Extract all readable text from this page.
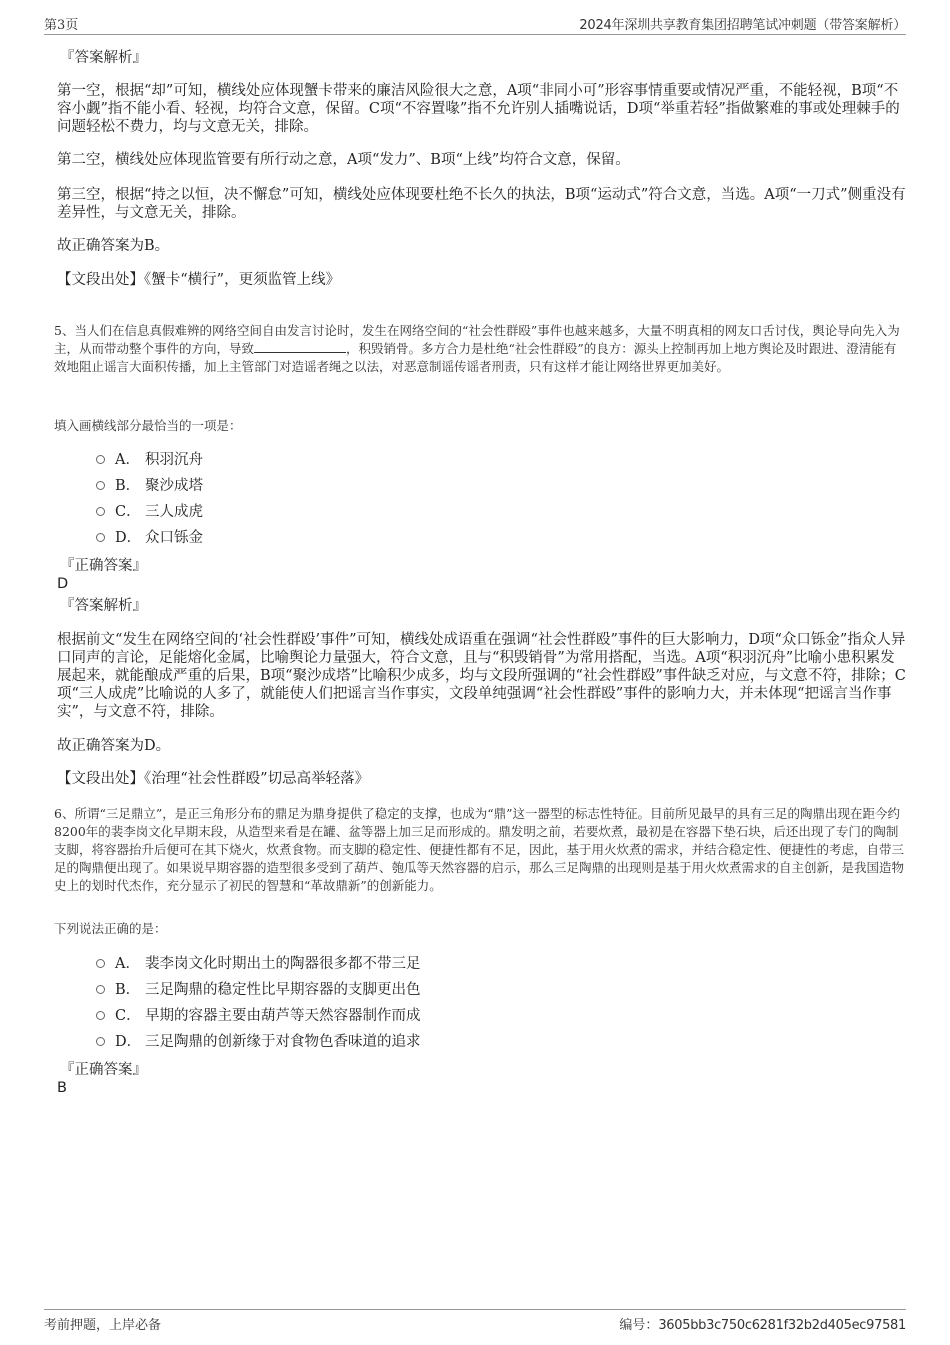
第3页	2024年深圳共享教育集团招聘笔试冲刺题（带答案解析）
『答案解析』

第一空，根据“却”可知，横线处应体现蟹卡带来的廉洁风险很大之意，A项“非同小可”形容事情重要或情况严重，不能轻视，B项“不容小觑”指不能小看、轻视，均符合文意，保留。C项“不容置喙”指不允许别人插嘴说话，D项“举重若轻”指做繁难的事或处理棘手的问题轻松不费力，均与文意无关，排除。

第二空，横线处应体现监管要有所行动之意，A项“发力”、B项“上线”均符合文意，保留。

第三空，根据“持之以恒，决不懈怠”可知，横线处应体现要杜绝不长久的执法，B项“运动式”符合文意，当选。A项“一刀式”侧重没有差异性，与文意无关，排除。

故正确答案为B。

【文段出处】《蟹卡“横行”，更须监管上线》

5、当人们在信息真假难辨的网络空间自由发言讨论时，发生在网络空间的“社会性群殴”事件也越来越多，大量不明真相的网友口舌讨伐，舆论导向先入为主，从而带动整个事件的方向，导致	，积毁销骨。多方合力是杜绝“社会性群殴”的良方：源头上控制再加上地方舆论及时跟进、澄清能有效地阻止谣言大面积传播，加上主管部门对造谣者绳之以法，对恶意制谣传谣者刑责，只有这样才能让网络世界更加美好。

填入画横线部分最恰当的一项是：
A． 积羽沉舟
B． 聚沙成塔
C． 三人成虎
D． 众口铄金
『正确答案』
D
『答案解析』

根据前文“发生在网络空间的‘社会性群殴’事件”可知，横线处成语重在强调“社会性群殴”事件的巨大影响力，D项“众口铄金”指众人异口同声的言论，足能熔化金属，比喻舆论力量强大，符合文意，且与“积毁销骨”为常用搭配，当选。A项“积羽沉舟”比喻小患积累发展起来，就能酿成严重的后果，B项“聚沙成塔”比喻积少成多，均与文段所强调的“社会性群殴”事件缺乏对应，与文意不符，排除；C项“三人成虎”比喻说的人多了，就能使人们把谣言当作事实，文段单纯强调“社会性群殴”事件的影响力大，并未体现“把谣言当作事实”，与文意不符，排除。

故正确答案为D。

【文段出处】《治理“社会性群殴”切忌高举轻落》

6、所谓“三足鼎立”，是正三角形分布的鼎足为鼎身提供了稳定的支撑，也成为“鼎”这一器型的标志性特征。目前所见最早的具有三足的陶鼎出现在距今约8200年的裴李岗文化早期末段，从造型来看是在罐、盆等器上加三足而形成的。鼎发明之前，若要炊煮，最初是在容器下垫石块，后还出现了专门的陶制支脚，将容器抬升后便可在其下烧火，炊煮食物。而支脚的稳定性、便捷性都有不足，因此，基于用火炊煮的需求，并结合稳定性、便捷性的考虑，自带三足的陶鼎便出现了。如果说早期容器的造型很多受到了葫芦、匏瓜等天然容器的启示，那么三足陶鼎的出现则是基于用火炊煮需求的自主创新，是我国造物史上的划时代杰作，充分显示了初民的智慧和“革故鼎新”的创新能力。

下列说法正确的是：
A． 裴李岗文化时期出土的陶器很多都不带三足
B． 三足陶鼎的稳定性比早期容器的支脚更出色
C． 早期的容器主要由葫芦等天然容器制作而成
D． 三足陶鼎的创新缘于对食物色香味道的追求
『正确答案』
B
考前押题，上岸必备	编号：3605bb3c750c6281f32b2d405ec97581
